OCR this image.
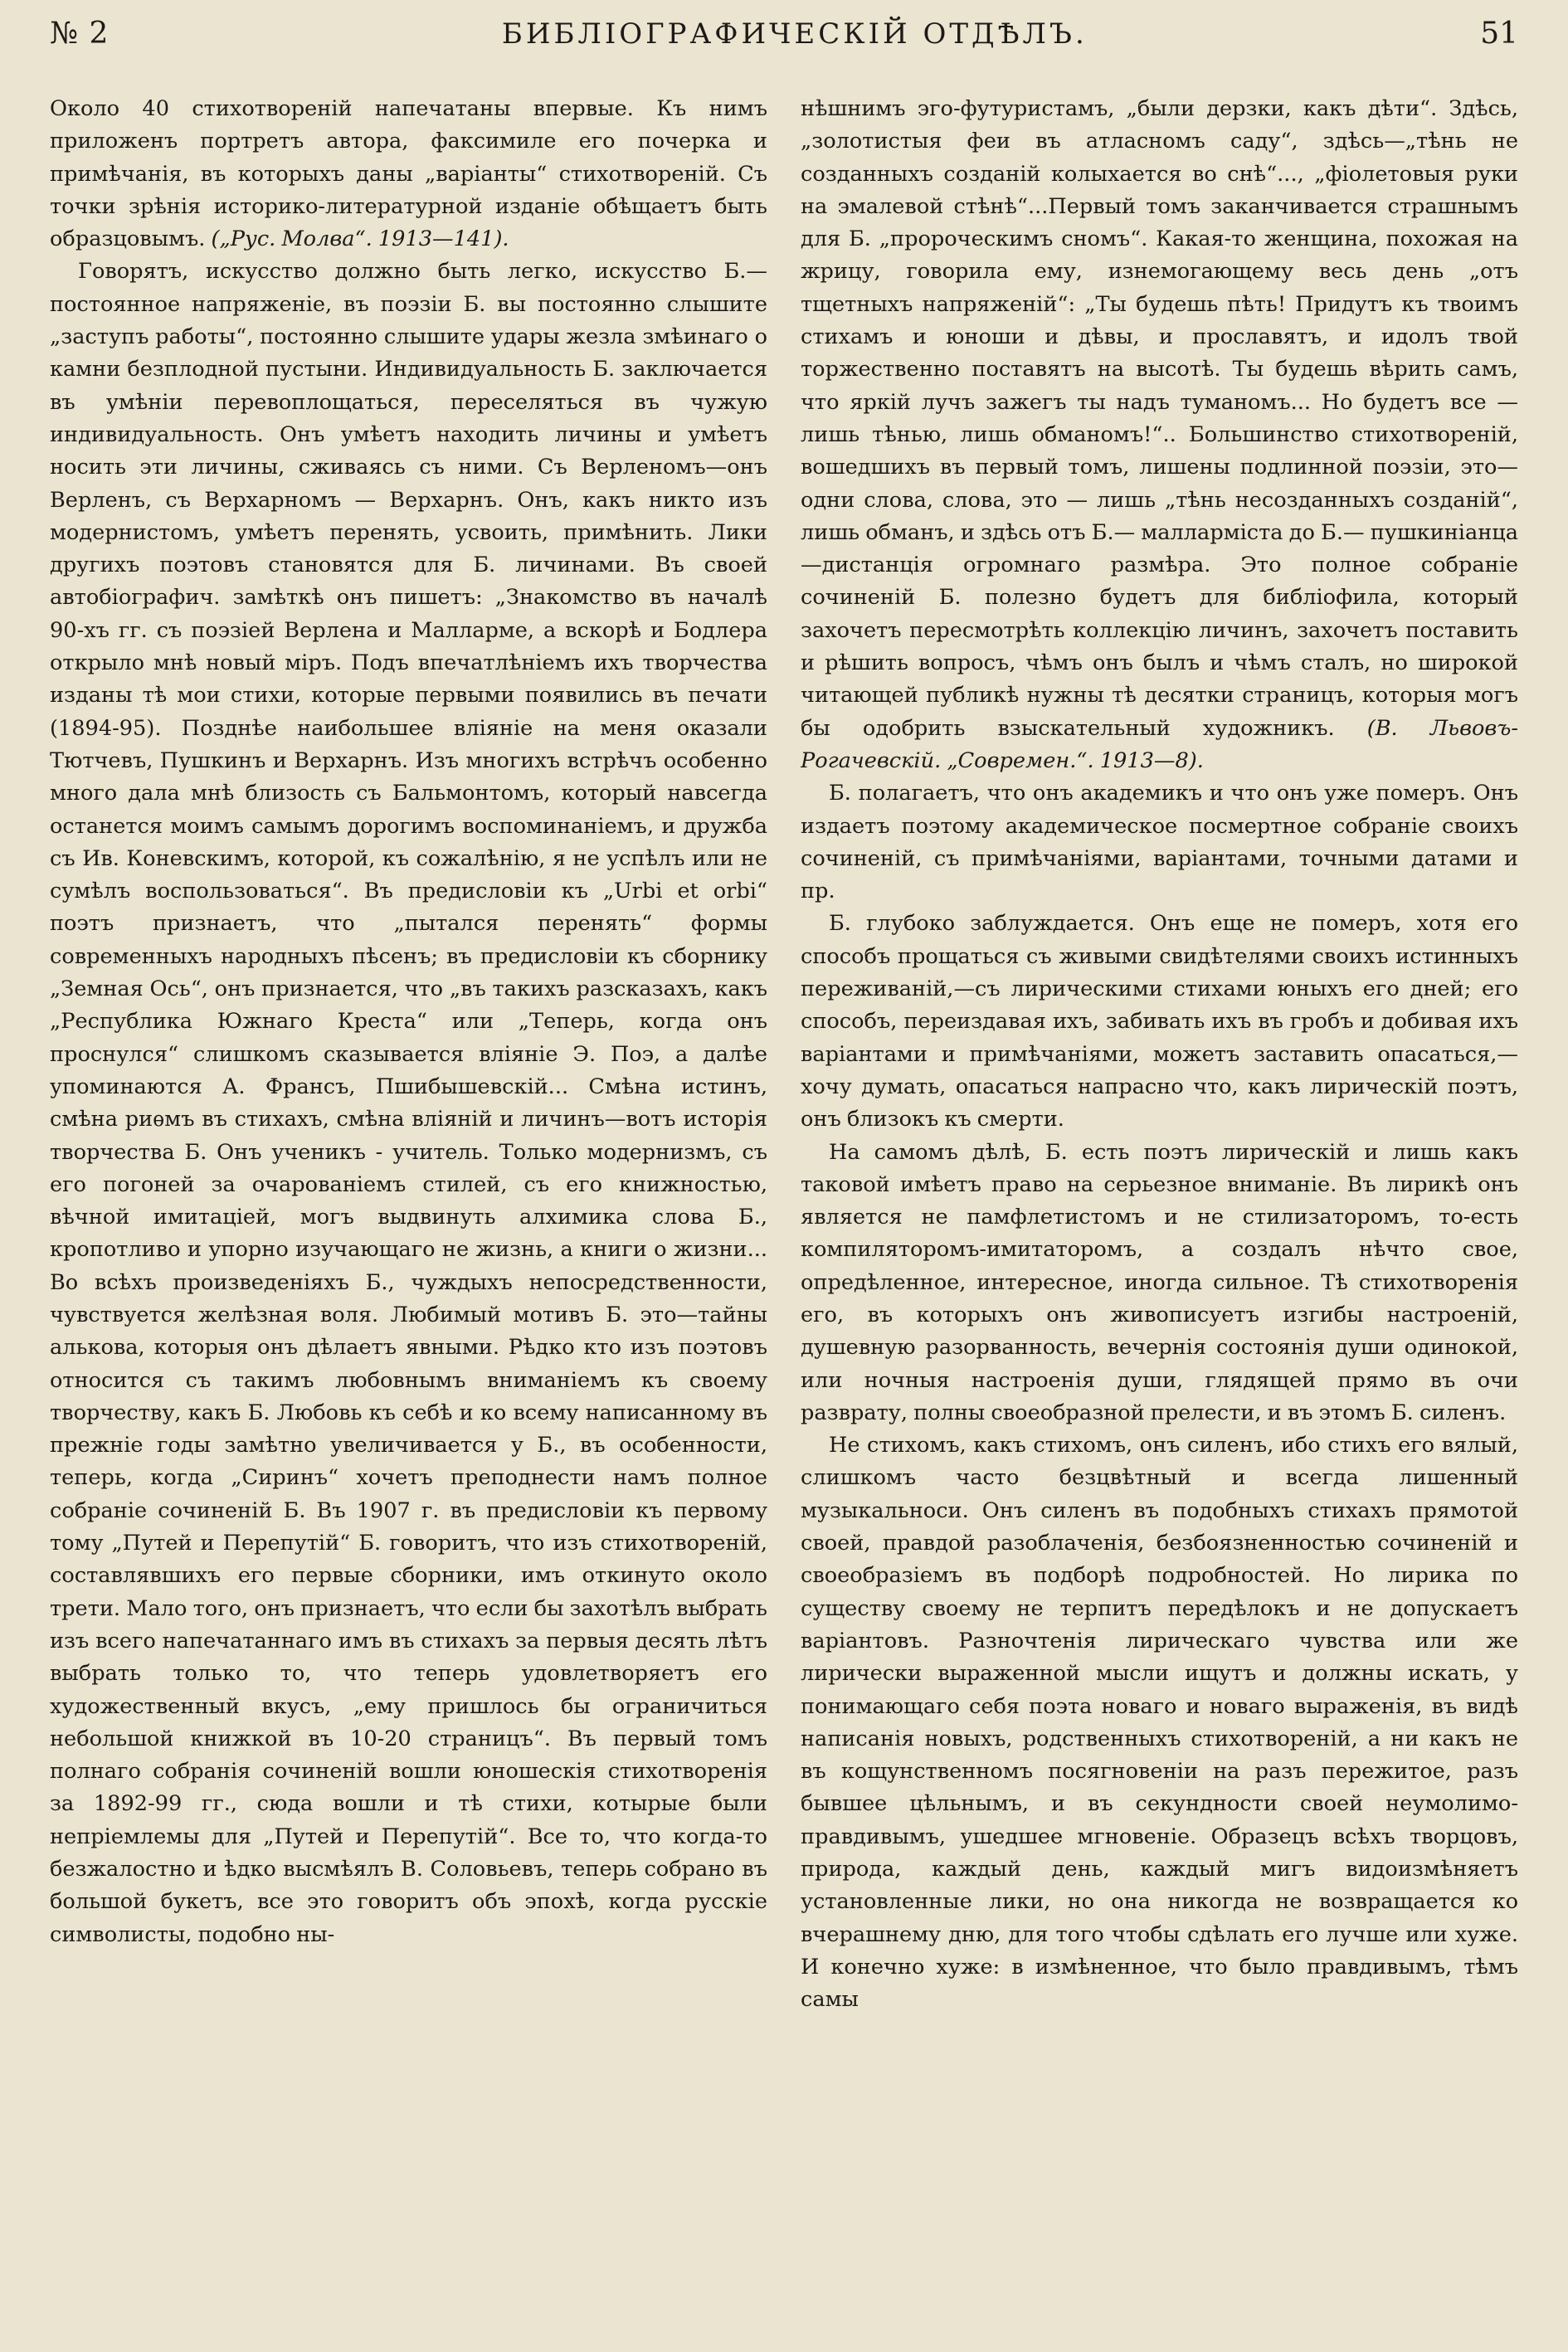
№ 2	БИБЛІОГРАФИЧЕСКІЙ ОТДѢЛЪ.	51

Около 40 стихотвореній напечатаны впервые. Къ нимъ приложенъ портретъ автора, факсимиле его почерка и примѣчанія, въ которыхъ даны „варіанты“ стихотвореній. Съ точки зрѣнія историко-литературной изданіе обѣщаетъ быть образцовымъ. („Рус. Молва“. 1913—141).

Говорятъ, искусство должно быть легко, искусство Б.— постоянное напряженіе, въ поэзіи Б. вы постоянно слышите „заступъ работы“, постоянно слышите удары жезла змѣинаго о камни безплодной пустыни. Индивидуальность Б. заключается въ умѣніи перевоплощаться, переселяться въ чужую индивидуальность. Онъ умѣетъ находить личины и умѣетъ носить эти личины, сживаясь съ ними. Съ Верленомъ—онъ Верленъ, съ Верхарномъ — Верхарнъ. Онъ, какъ никто изъ модернистомъ, умѣетъ перенять, усвоить, примѣнить. Лики другихъ поэтовъ становятся для Б. личинами. Въ своей автобіографич. замѣткѣ онъ пишетъ: „Знакомство въ началѣ 90-хъ гг. съ поэзіей Верлена и Малларме, а вскорѣ и Бодлера открыло мнѣ новый міръ. Подъ впечатлѣніемъ ихъ творчества изданы тѣ мои стихи, которые первыми появились въ печати (1894-95). Позднѣе наибольшее вліяніе на меня оказали Тютчевъ, Пушкинъ и Верхарнъ. Изъ многихъ встрѣчъ особенно много дала мнѣ близость съ Бальмонтомъ, который навсегда останется моимъ самымъ дорогимъ воспоминаніемъ, и дружба съ Ив. Коневскимъ, которой, къ сожалѣнію, я не успѣлъ или не сумѣлъ воспользоваться“. Въ предисловіи къ „Urbi et orbi“ поэтъ признаетъ, что „пытался перенять“ формы современныхъ народныхъ пѣсенъ; въ предисловіи къ сборнику „Земная Ось“, онъ признается, что „въ такихъ разсказахъ, какъ „Республика Южнаго Креста“ или „Теперь, когда онъ проснулся“ слишкомъ сказывается вліяніе Э. Поэ, а далѣе упоминаются А. Франсъ, Пшибышевскій... Смѣна истинъ, смѣна риѳмъ въ стихахъ, смѣна вліяній и личинъ—вотъ исторія творчества Б. Онъ ученикъ - учитель. Только модернизмъ, съ его погоней за очарованіемъ стилей, съ его книжностью, вѣчной имитаціей, могъ выдвинуть алхимика слова Б., кропотливо и упорно изучающаго не жизнь, а книги о жизни... Во всѣхъ произведеніяхъ Б., чуждыхъ непосредственности, чувствуется желѣзная воля. Любимый мотивъ Б. это—тайны алькова, которыя онъ дѣлаетъ явными. Рѣдко кто изъ поэтовъ относится съ такимъ любовнымъ вниманіемъ къ своему творчеству, какъ Б. Любовь къ себѣ и ко всему написанному въ прежніе годы замѣтно увеличивается у Б., въ особенности, теперь, когда „Сиринъ“ хочетъ преподнести намъ полное собраніе сочиненій Б. Въ 1907 г. въ предисловіи къ первому тому „Путей и Перепутій“ Б. говоритъ, что изъ стихотвореній, составлявшихъ его первые сборники, имъ откинуто около трети. Мало того, онъ признаетъ, что если бы захотѣлъ выбрать изъ всего напечатаннаго имъ въ стихахъ за первыя десять лѣтъ выбрать только то, что теперь удовлетворяетъ его художественный вкусъ, „ему пришлось бы ограничиться небольшой книжкой въ 10-20 страницъ“. Въ первый томъ полнаго собранія сочиненій вошли юношескія стихотворенія за 1892-99 гг., сюда вошли и тѣ стихи, котырые были непріемлемы для „Путей и Перепутій“. Все то, что когда-то безжалостно и ѣдко высмѣялъ В. Соловьевъ, теперь собрано въ большой букетъ, все это говоритъ объ эпохѣ, когда русскіе символисты, подобно ны-

нѣшнимъ эго-футуристамъ, „были дерзки, какъ дѣти“. Здѣсь, „золотистыя феи въ атласномъ саду“, здѣсь—„тѣнь не созданныхъ созданій колыхается во снѣ“..., „фіолетовыя руки на эмалевой стѣнѣ“...Первый томъ заканчивается страшнымъ для Б. „пророческимъ сномъ“. Какая-то женщина, похожая на жрицу, говорила ему, изнемогающему весь день „отъ тщетныхъ напряженій“: „Ты будешь пѣть! Придутъ къ твоимъ стихамъ и юноши и дѣвы, и прославятъ, и идолъ твой торжественно поставятъ на высотѣ. Ты будешь вѣрить самъ, что яркій лучъ зажегъ ты надъ туманомъ... Но будетъ все — лишь тѣнью, лишь обманомъ!“.. Большинство стихотвореній, вошедшихъ въ первый томъ, лишены подлинной поэзіи, это—одни слова, слова, это — лишь „тѣнь несозданныхъ созданій“, лишь обманъ, и здѣсь отъ Б.— малларміста до Б.— пушкиніанца—дистанція огромнаго размѣра. Это полное собраніе сочиненій Б. полезно будетъ для библіофила, который захочетъ пересмотрѣть коллекцію личинъ, захочетъ поставить и рѣшить вопросъ, чѣмъ онъ былъ и чѣмъ сталъ, но широкой читающей публикѣ нужны тѣ десятки страницъ, которыя могъ бы одобрить взыскательный художникъ. (В. Львовъ-Рогачевскій. „Современ.“. 1913—8).

Б. полагаетъ, что онъ академикъ и что онъ уже померъ. Онъ издаетъ поэтому академическое посмертное собраніе своихъ сочиненій, съ примѣчаніями, варіантами, точными датами и пр.

Б. глубоко заблуждается. Онъ еще не померъ, хотя его способъ прощаться съ живыми свидѣтелями своихъ истинныхъ переживаній,—съ лирическими стихами юныхъ его дней; его способъ, переиздавая ихъ, забивать ихъ въ гробъ и добивая ихъ варіантами и примѣчаніями, можетъ заставить опасаться,— хочу думать, опасаться напрасно что, какъ лирическій поэтъ, онъ близокъ къ смерти.

На самомъ дѣлѣ, Б. есть поэтъ лирическій и лишь какъ таковой имѣетъ право на серьезное вниманіе. Въ лирикѣ онъ является не памфлетистомъ и не стилизаторомъ, то-есть компиляторомъ-имитаторомъ, а создалъ нѣчто свое, опредѣленное, интересное, иногда сильное. Тѣ стихотворенія его, въ которыхъ онъ живописуетъ изгибы настроеній, душевную разорванность, вечернія состоянія души одинокой, или ночныя настроенія души, глядящей прямо въ очи разврату, полны своеобразной прелести, и въ этомъ Б. силенъ.

Не стихомъ, какъ стихомъ, онъ силенъ, ибо стихъ его вялый, слишкомъ часто безцвѣтный и всегда лишенный музыкальноси. Онъ силенъ въ подобныхъ стихахъ прямотой своей, правдой разоблаченія, безбоязненностью сочиненій и своеобразіемъ въ подборѣ подробностей. Но лирика по существу своему не терпитъ передѣлокъ и не допускаетъ варіантовъ. Разночтенія лирическаго чувства или же лирически выраженной мысли ищутъ и должны искать, у понимающаго себя поэта новаго и новаго выраженія, въ видѣ написанія новыхъ, родственныхъ стихотвореній, а ни какъ не въ кощунственномъ посягновеніи на разъ пережитое, разъ бывшее цѣльнымъ, и въ секундности своей неумолимо-правдивымъ, ушедшее мгновеніе. Образецъ всѣхъ творцовъ, природа, каждый день, каждый мигъ видоизмѣняетъ установленные лики, но она никогда не возвращается ко вчерашнему дню, для того чтобы сдѣлать его лучше или хуже. И конечно хуже: в измѣненное, что было правдивымъ, тѣмъ самы
